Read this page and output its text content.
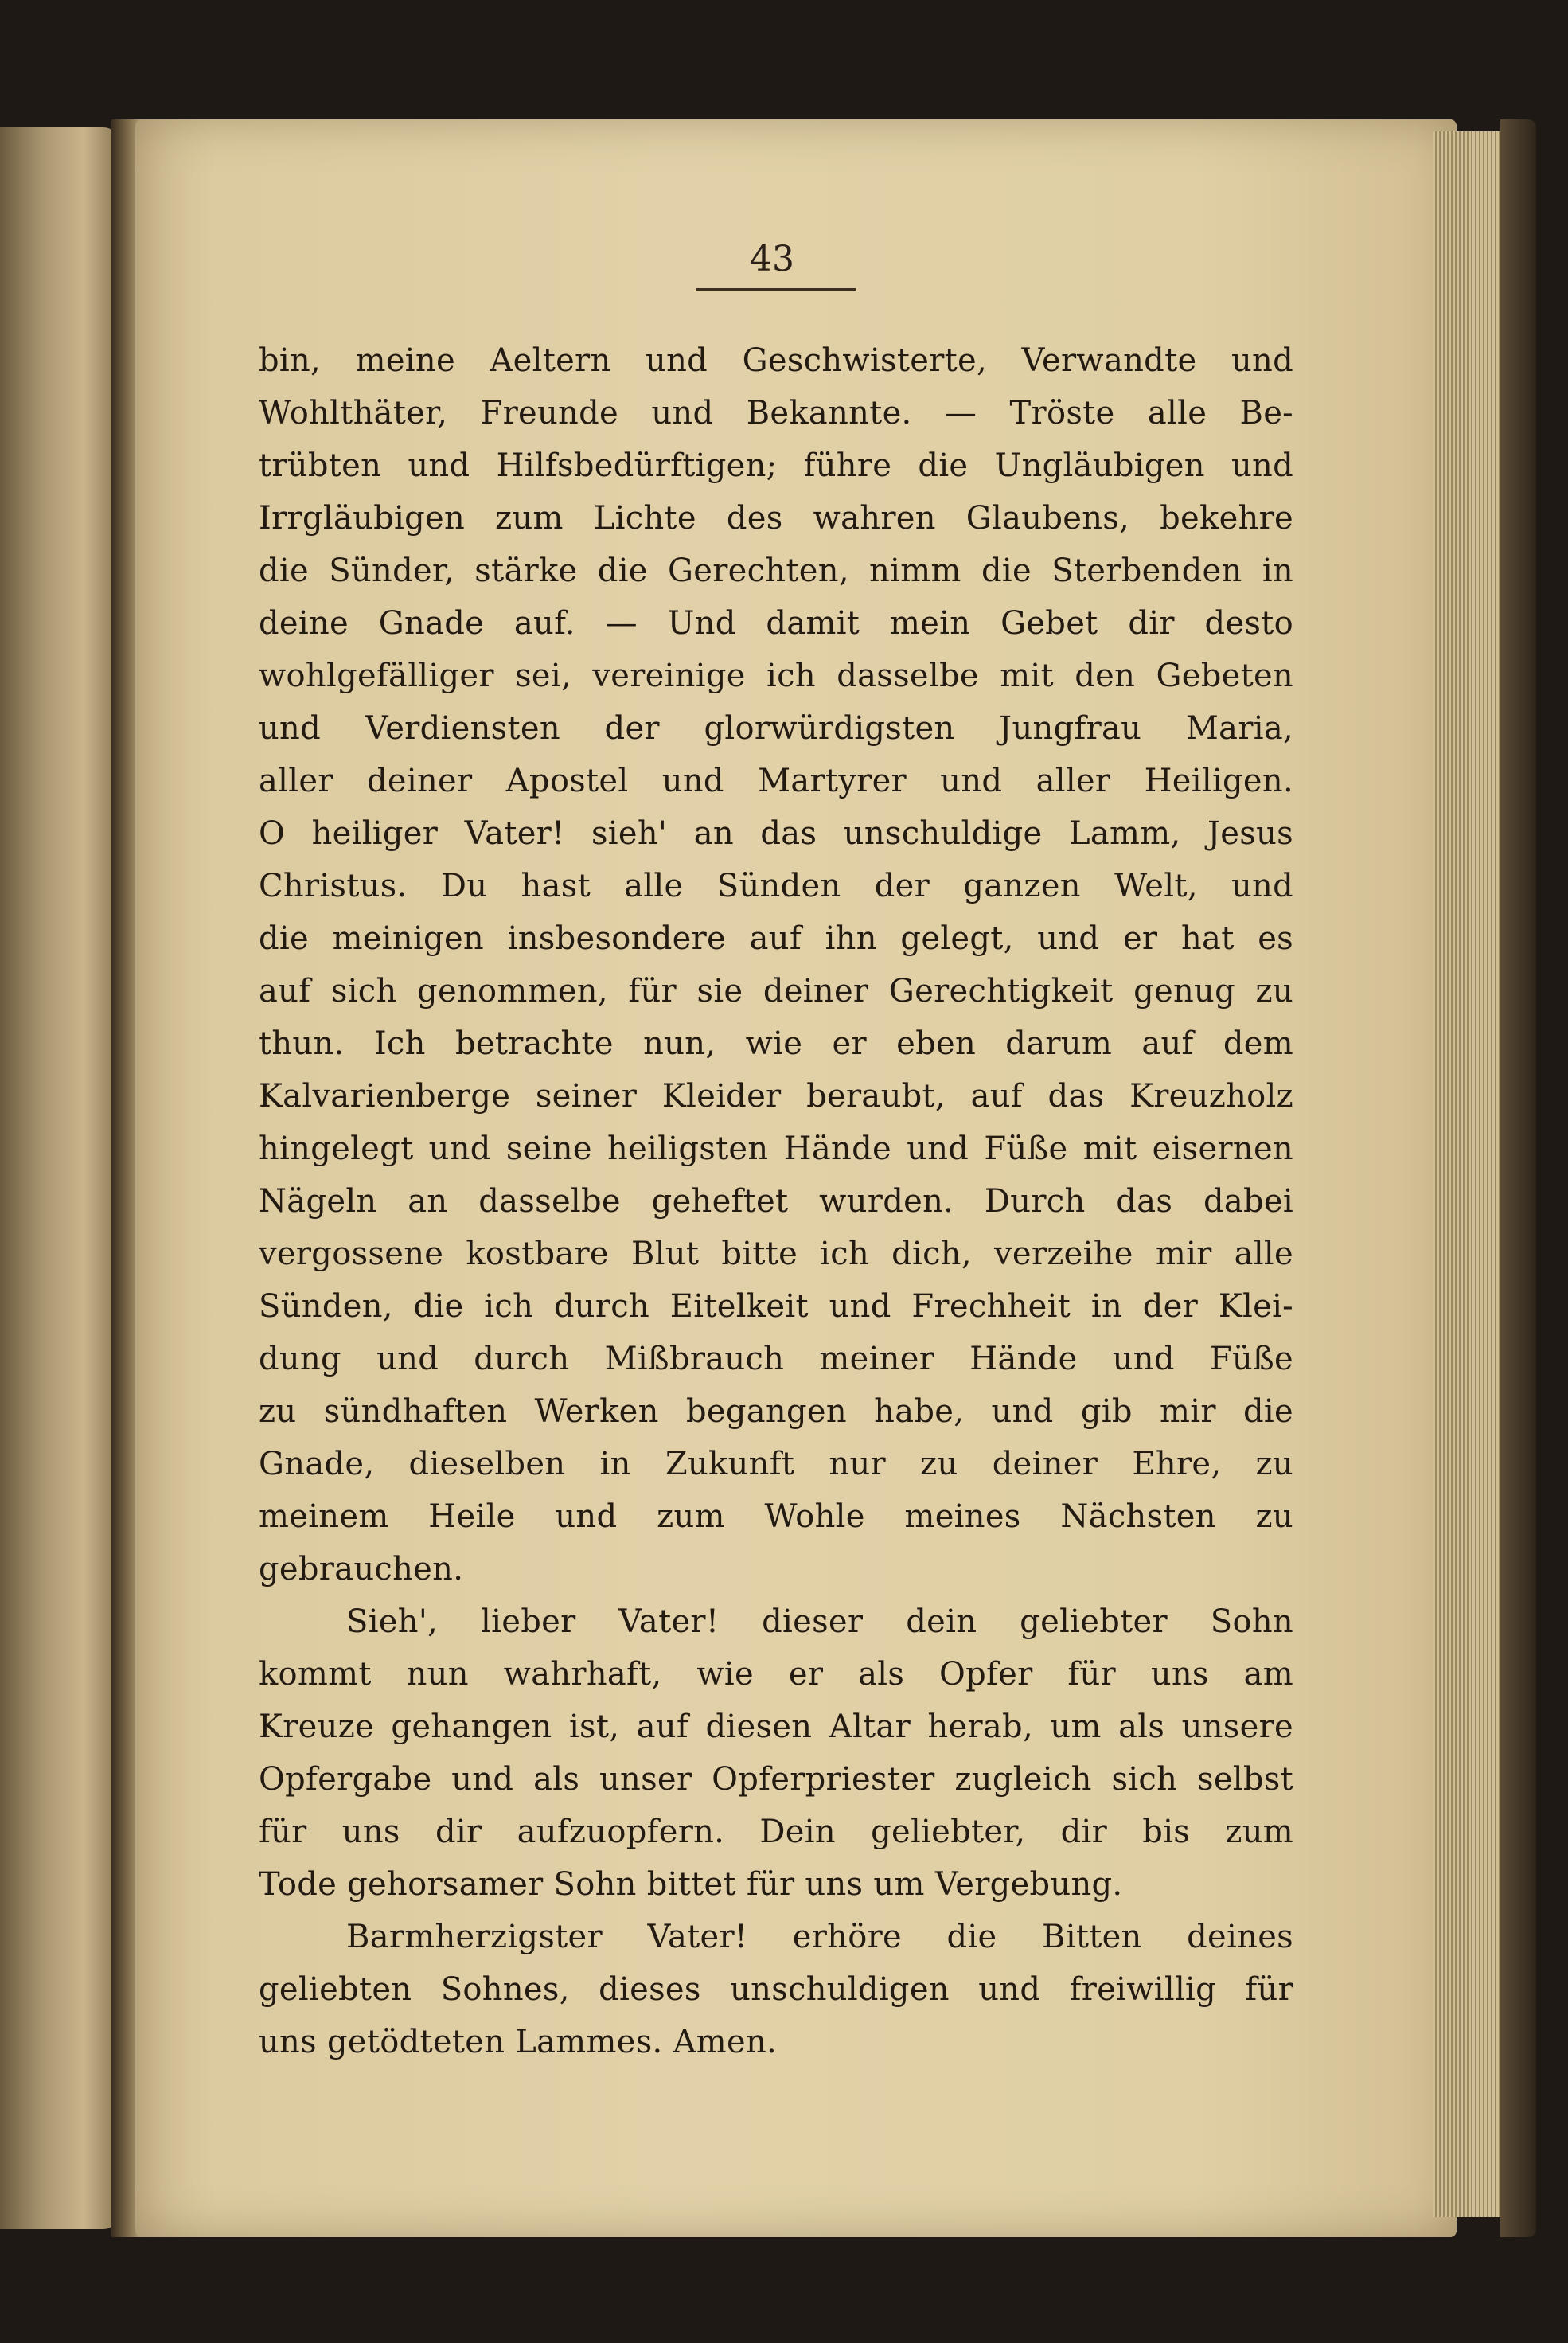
43
bin, meine Aeltern und Geschwisterte, Verwandte und
Wohlthäter, Freunde und Bekannte. — Tröste alle Be-
trübten und Hilfsbedürftigen; führe die Ungläubigen und
Irrgläubigen zum Lichte des wahren Glaubens, bekehre
die Sünder, stärke die Gerechten, nimm die Sterbenden in
deine Gnade auf. — Und damit mein Gebet dir desto
wohlgefälliger sei, vereinige ich dasselbe mit den Gebeten
und Verdiensten der glorwürdigsten Jungfrau Maria,
aller deiner Apostel und Martyrer und aller Heiligen.
O heiliger Vater! sieh' an das unschuldige Lamm, Jesus
Christus. Du hast alle Sünden der ganzen Welt, und
die meinigen insbesondere auf ihn gelegt, und er hat es
auf sich genommen, für sie deiner Gerechtigkeit genug zu
thun. Ich betrachte nun, wie er eben darum auf dem
Kalvarienberge seiner Kleider beraubt, auf das Kreuzholz
hingelegt und seine heiligsten Hände und Füße mit eisernen
Nägeln an dasselbe geheftet wurden. Durch das dabei
vergossene kostbare Blut bitte ich dich, verzeihe mir alle
Sünden, die ich durch Eitelkeit und Frechheit in der Klei-
dung und durch Mißbrauch meiner Hände und Füße
zu sündhaften Werken begangen habe, und gib mir die
Gnade, dieselben in Zukunft nur zu deiner Ehre, zu
meinem Heile und zum Wohle meines Nächsten zu
gebrauchen.
Sieh', lieber Vater! dieser dein geliebter Sohn
kommt nun wahrhaft, wie er als Opfer für uns am
Kreuze gehangen ist, auf diesen Altar herab, um als unsere
Opfergabe und als unser Opferpriester zugleich sich selbst
für uns dir aufzuopfern. Dein geliebter, dir bis zum
Tode gehorsamer Sohn bittet für uns um Vergebung.
Barmherzigster Vater! erhöre die Bitten deines
geliebten Sohnes, dieses unschuldigen und freiwillig für
uns getödteten Lammes. Amen.
